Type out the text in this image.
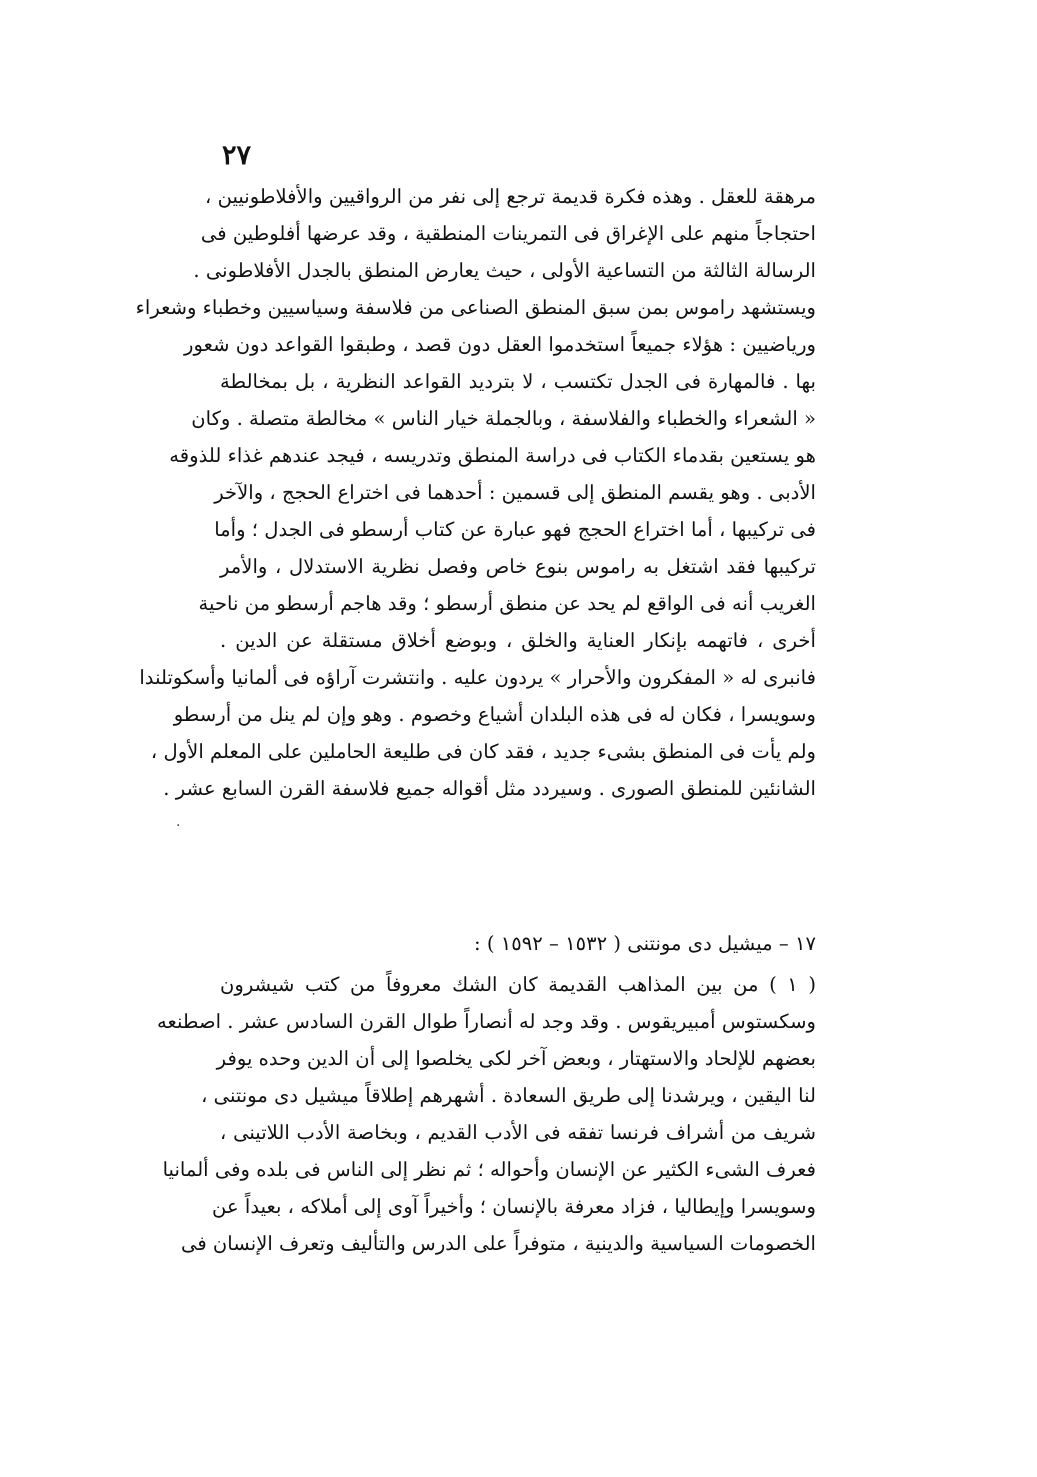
٢٧
مرهقة للعقل . وهذه فكرة قديمة ترجع إلى نفر من الرواقيين والأفلاطونيين ،
احتجاجاً منهم على الإغراق فى التمرينات المنطقية ، وقد عرضها أفلوطين فى
الرسالة الثالثة من التساعية الأولى ، حيث يعارض المنطق بالجدل الأفلاطونى .
ويستشهد راموس بمن سبق المنطق الصناعى من فلاسفة وسياسيين وخطباء وشعراء
ورياضيين : هؤلاء جميعاً استخدموا العقل دون قصد ، وطبقوا القواعد دون شعور
بها . فالمهارة فى الجدل تكتسب ، لا بترديد القواعد النظرية ، بل بمخالطة
« الشعراء والخطباء والفلاسفة ، وبالجملة خيار الناس » مخالطة متصلة . وكان
هو يستعين بقدماء الكتاب فى دراسة المنطق وتدريسه ، فيجد عندهم غذاء للذوقه
الأدبى . وهو يقسم المنطق إلى قسمين : أحدهما فى اختراع الحجج ، والآخر
فى تركيبها ، أما اختراع الحجج فهو عبارة عن كتاب أرسطو فى الجدل ؛ وأما
تركيبها فقد اشتغل به راموس بنوع خاص وفصل نظرية الاستدلال ، والأمر
الغريب أنه فى الواقع لم يحد عن منطق أرسطو ؛ وقد هاجم أرسطو من ناحية
أخرى ، فاتهمه بإنكار العناية والخلق ، وبوضع أخلاق مستقلة عن الدين .
فانبرى له « المفكرون والأحرار » يردون عليه . وانتشرت آراؤه فى ألمانيا وأسكوتلندا
وسويسرا ، فكان له فى هذه البلدان أشياع وخصوم . وهو وإن لم ينل من أرسطو
ولم يأت فى المنطق بشىء جديد ، فقد كان فى طليعة الحاملين على المعلم الأول ،
الشانئين للمنطق الصورى . وسيردد مثل أقواله جميع فلاسفة القرن السابع عشر .
·
١٧ – ميشيل دى مونتنى ( ١٥٣٢ – ١٥٩٢ ) :
( ١ ) من بين المذاهب القديمة كان الشك معروفاً من كتب شيشرون
وسكستوس أمبيريقوس . وقد وجد له أنصاراً طوال القرن السادس عشر . اصطنعه
بعضهم للإلحاد والاستهتار ، وبعض آخر لكى يخلصوا إلى أن الدين وحده يوفر
لنا اليقين ، ويرشدنا إلى طريق السعادة . أشهرهم إطلاقاً ميشيل دى مونتنى ،
شريف من أشراف فرنسا تفقه فى الأدب القديم ، وبخاصة الأدب اللاتينى ،
فعرف الشىء الكثير عن الإنسان وأحواله ؛ ثم نظر إلى الناس فى بلده وفى ألمانيا
وسويسرا وإيطاليا ، فزاد معرفة بالإنسان ؛ وأخيراً آوى إلى أملاكه ، بعيداً عن
الخصومات السياسية والدينية ، متوفراً على الدرس والتأليف وتعرف الإنسان فى
